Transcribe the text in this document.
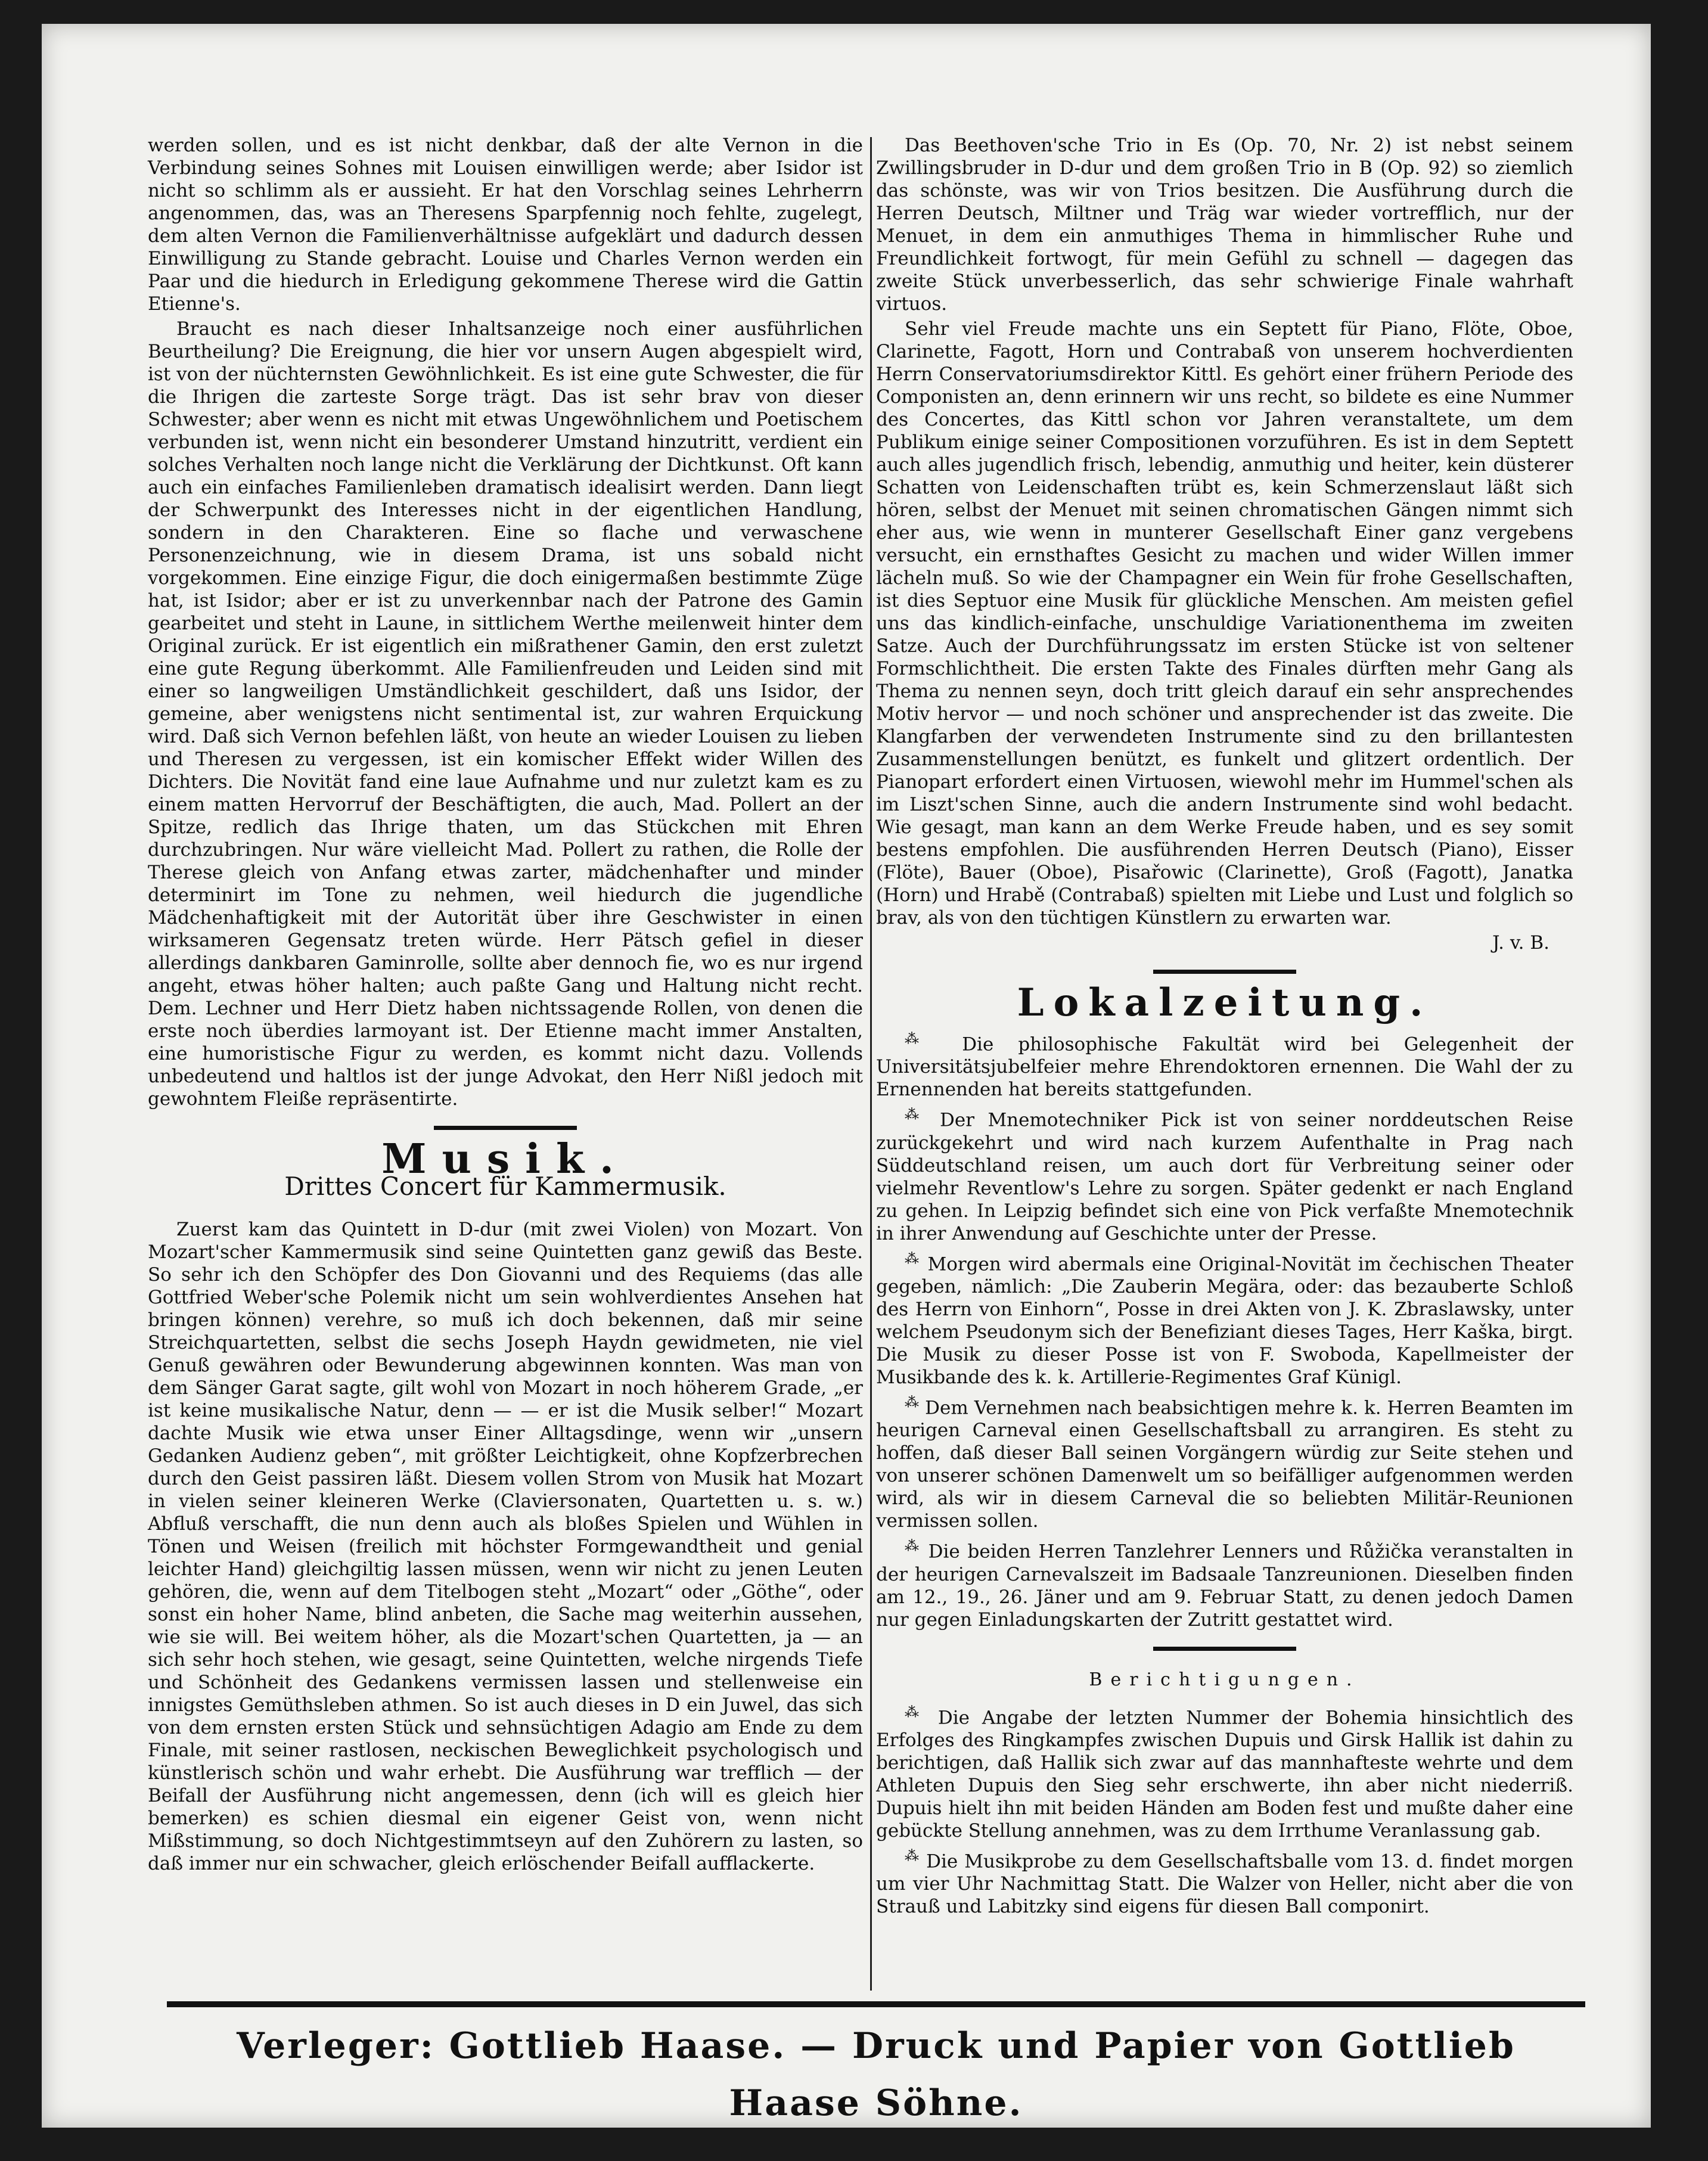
werden sollen, und es ist nicht denkbar, daß der alte Vernon in die Verbindung seines Sohnes mit Louisen einwilligen werde; aber Isidor ist nicht so schlimm als er aussieht. Er hat den Vorschlag seines Lehrherrn angenommen, das, was an Theresens Sparpfennig noch fehlte, zugelegt, dem alten Vernon die Familienverhältnisse aufgeklärt und dadurch dessen Einwilligung zu Stande gebracht. Louise und Charles Vernon werden ein Paar und die hiedurch in Erledigung gekommene Therese wird die Gattin Etienne's.

Braucht es nach dieser Inhaltsanzeige noch einer ausführlichen Beurtheilung? Die Ereignung, die hier vor unsern Augen abgespielt wird, ist von der nüchternsten Gewöhnlichkeit. Es ist eine gute Schwester, die für die Ihrigen die zarteste Sorge trägt. Das ist sehr brav von dieser Schwester; aber wenn es nicht mit etwas Ungewöhnlichem und Poetischem verbunden ist, wenn nicht ein besonderer Umstand hinzutritt, verdient ein solches Verhalten noch lange nicht die Verklärung der Dichtkunst. Oft kann auch ein einfaches Familienleben dramatisch idealisirt werden. Dann liegt der Schwerpunkt des Interesses nicht in der eigentlichen Handlung, sondern in den Charakteren. Eine so flache und verwaschene Personenzeichnung, wie in diesem Drama, ist uns sobald nicht vorgekommen. Eine einzige Figur, die doch einigermaßen bestimmte Züge hat, ist Isidor; aber er ist zu unverkennbar nach der Patrone des Gamin gearbeitet und steht in Laune, in sittlichem Werthe meilenweit hinter dem Original zurück. Er ist eigentlich ein mißrathener Gamin, den erst zuletzt eine gute Regung überkommt. Alle Familienfreuden und Leiden sind mit einer so langweiligen Umständlichkeit geschildert, daß uns Isidor, der gemeine, aber wenigstens nicht sentimental ist, zur wahren Erquickung wird. Daß sich Vernon befehlen läßt, von heute an wieder Louisen zu lieben und Theresen zu vergessen, ist ein komischer Effekt wider Willen des Dichters. Die Novität fand eine laue Aufnahme und nur zuletzt kam es zu einem matten Hervorruf der Beschäftigten, die auch, Mad. Pollert an der Spitze, redlich das Ihrige thaten, um das Stückchen mit Ehren durchzubringen. Nur wäre vielleicht Mad. Pollert zu rathen, die Rolle der Therese gleich von Anfang etwas zarter, mädchenhafter und minder determinirt im Tone zu nehmen, weil hiedurch die jugendliche Mädchenhaftigkeit mit der Autorität über ihre Geschwister in einen wirksameren Gegensatz treten würde. Herr Pätsch gefiel in dieser allerdings dankbaren Gaminrolle, sollte aber dennoch fie, wo es nur irgend angeht, etwas höher halten; auch paßte Gang und Haltung nicht recht. Dem. Lechner und Herr Dietz haben nichtssagende Rollen, von denen die erste noch überdies larmoyant ist. Der Etienne macht immer Anstalten, eine humoristische Figur zu werden, es kommt nicht dazu. Vollends unbedeutend und haltlos ist der junge Advokat, den Herr Nißl jedoch mit gewohntem Fleiße repräsentirte.

Musik.
Drittes Concert für Kammermusik.

Zuerst kam das Quintett in D-dur (mit zwei Violen) von Mozart. Von Mozart'scher Kammermusik sind seine Quintetten ganz gewiß das Beste. So sehr ich den Schöpfer des Don Giovanni und des Requiems (das alle Gottfried Weber'sche Polemik nicht um sein wohlverdientes Ansehen hat bringen können) verehre, so muß ich doch bekennen, daß mir seine Streichquartetten, selbst die sechs Joseph Haydn gewidmeten, nie viel Genuß gewähren oder Bewunderung abgewinnen konnten. Was man von dem Sänger Garat sagte, gilt wohl von Mozart in noch höherem Grade, „er ist keine musikalische Natur, denn — — er ist die Musik selber!“ Mozart dachte Musik wie etwa unser Einer Alltagsdinge, wenn wir „unsern Gedanken Audienz geben“, mit größter Leichtigkeit, ohne Kopfzerbrechen durch den Geist passiren läßt. Diesem vollen Strom von Musik hat Mozart in vielen seiner kleineren Werke (Claviersonaten, Quartetten u. s. w.) Abfluß verschafft, die nun denn auch als bloßes Spielen und Wühlen in Tönen und Weisen (freilich mit höchster Formgewandtheit und genial leichter Hand) gleichgiltig lassen müssen, wenn wir nicht zu jenen Leuten gehören, die, wenn auf dem Titelbogen steht „Mozart“ oder „Göthe“, oder sonst ein hoher Name, blind anbeten, die Sache mag weiterhin aussehen, wie sie will. Bei weitem höher, als die Mozart'schen Quartetten, ja — an sich sehr hoch stehen, wie gesagt, seine Quintetten, welche nirgends Tiefe und Schönheit des Gedankens vermissen lassen und stellenweise ein innigstes Gemüthsleben athmen. So ist auch dieses in D ein Juwel, das sich von dem ernsten ersten Stück und sehnsüchtigen Adagio am Ende zu dem Finale, mit seiner rastlosen, neckischen Beweglichkeit psychologisch und künstlerisch schön und wahr erhebt. Die Ausführung war trefflich — der Beifall der Ausführung nicht angemessen, denn (ich will es gleich hier bemerken) es schien diesmal ein eigener Geist von, wenn nicht Mißstimmung, so doch Nichtgestimmtseyn auf den Zuhörern zu lasten, so daß immer nur ein schwacher, gleich erlöschender Beifall aufflackerte.

Das Beethoven'sche Trio in Es (Op. 70, Nr. 2) ist nebst seinem Zwillingsbruder in D-dur und dem großen Trio in B (Op. 92) so ziemlich das schönste, was wir von Trios besitzen. Die Ausführung durch die Herren Deutsch, Miltner und Träg war wieder vortrefflich, nur der Menuet, in dem ein anmuthiges Thema in himmlischer Ruhe und Freundlichkeit fortwogt, für mein Gefühl zu schnell — dagegen das zweite Stück unverbesserlich, das sehr schwierige Finale wahrhaft virtuos.

Sehr viel Freude machte uns ein Septett für Piano, Flöte, Oboe, Clarinette, Fagott, Horn und Contrabaß von unserem hochverdienten Herrn Conservatoriumsdirektor Kittl. Es gehört einer frühern Periode des Componisten an, denn erinnern wir uns recht, so bildete es eine Nummer des Concertes, das Kittl schon vor Jahren veranstaltete, um dem Publikum einige seiner Compositionen vorzuführen. Es ist in dem Septett auch alles jugendlich frisch, lebendig, anmuthig und heiter, kein düsterer Schatten von Leidenschaften trübt es, kein Schmerzenslaut läßt sich hören, selbst der Menuet mit seinen chromatischen Gängen nimmt sich eher aus, wie wenn in munterer Gesellschaft Einer ganz vergebens versucht, ein ernsthaftes Gesicht zu machen und wider Willen immer lächeln muß. So wie der Champagner ein Wein für frohe Gesellschaften, ist dies Septuor eine Musik für glückliche Menschen. Am meisten gefiel uns das kindlich-einfache, unschuldige Variationenthema im zweiten Satze. Auch der Durchführungssatz im ersten Stücke ist von seltener Formschlichtheit. Die ersten Takte des Finales dürften mehr Gang als Thema zu nennen seyn, doch tritt gleich darauf ein sehr ansprechendes Motiv hervor — und noch schöner und ansprechender ist das zweite. Die Klangfarben der verwendeten Instrumente sind zu den brillantesten Zusammenstellungen benützt, es funkelt und glitzert ordentlich. Der Pianopart erfordert einen Virtuosen, wiewohl mehr im Hummel'schen als im Liszt'schen Sinne, auch die andern Instrumente sind wohl bedacht. Wie gesagt, man kann an dem Werke Freude haben, und es sey somit bestens empfohlen. Die ausführenden Herren Deutsch (Piano), Eisser (Flöte), Bauer (Oboe), Pisařowic (Clarinette), Groß (Fagott), Janatka (Horn) und Hrabě (Contrabaß) spielten mit Liebe und Lust und folglich so brav, als von den tüchtigen Künstlern zu erwarten war.

J. v. B.
Lokalzeitung.

⁂ Die philosophische Fakultät wird bei Gelegenheit der Universitätsjubelfeier mehre Ehrendoktoren ernennen. Die Wahl der zu Ernennenden hat bereits stattgefunden.

⁂ Der Mnemotechniker Pick ist von seiner norddeutschen Reise zurückgekehrt und wird nach kurzem Aufenthalte in Prag nach Süddeutschland reisen, um auch dort für Verbreitung seiner oder vielmehr Reventlow's Lehre zu sorgen. Später gedenkt er nach England zu gehen. In Leipzig befindet sich eine von Pick verfaßte Mnemotechnik in ihrer Anwendung auf Geschichte unter der Presse.

⁂ Morgen wird abermals eine Original-Novität im čechischen Theater gegeben, nämlich: „Die Zauberin Megära, oder: das bezauberte Schloß des Herrn von Einhorn“, Posse in drei Akten von J. K. Zbraslawsky, unter welchem Pseudonym sich der Benefiziant dieses Tages, Herr Kaška, birgt. Die Musik zu dieser Posse ist von F. Swoboda, Kapellmeister der Musikbande des k. k. Artillerie-Regimentes Graf Künigl.

⁂ Dem Vernehmen nach beabsichtigen mehre k. k. Herren Beamten im heurigen Carneval einen Gesellschaftsball zu arrangiren. Es steht zu hoffen, daß dieser Ball seinen Vorgängern würdig zur Seite stehen und von unserer schönen Damenwelt um so beifälliger aufgenommen werden wird, als wir in diesem Carneval die so beliebten Militär-Reunionen vermissen sollen.

⁂ Die beiden Herren Tanzlehrer Lenners und Růžička veranstalten in der heurigen Carnevalszeit im Badsaale Tanzreunionen. Dieselben finden am 12., 19., 26. Jäner und am 9. Februar Statt, zu denen jedoch Damen nur gegen Einladungskarten der Zutritt gestattet wird.

Berichtigungen.

⁂ Die Angabe der letzten Nummer der Bohemia hinsichtlich des Erfolges des Ringkampfes zwischen Dupuis und Girsk Hallik ist dahin zu berichtigen, daß Hallik sich zwar auf das mannhafteste wehrte und dem Athleten Dupuis den Sieg sehr erschwerte, ihn aber nicht niederriß. Dupuis hielt ihn mit beiden Händen am Boden fest und mußte daher eine gebückte Stellung annehmen, was zu dem Irrthume Veranlassung gab.

⁂ Die Musikprobe zu dem Gesellschaftsballe vom 13. d. findet morgen um vier Uhr Nachmittag Statt. Die Walzer von Heller, nicht aber die von Strauß und Labitzky sind eigens für diesen Ball componirt.

Verleger: Gottlieb Haase. — Druck und Papier von Gottlieb Haase Söhne.
